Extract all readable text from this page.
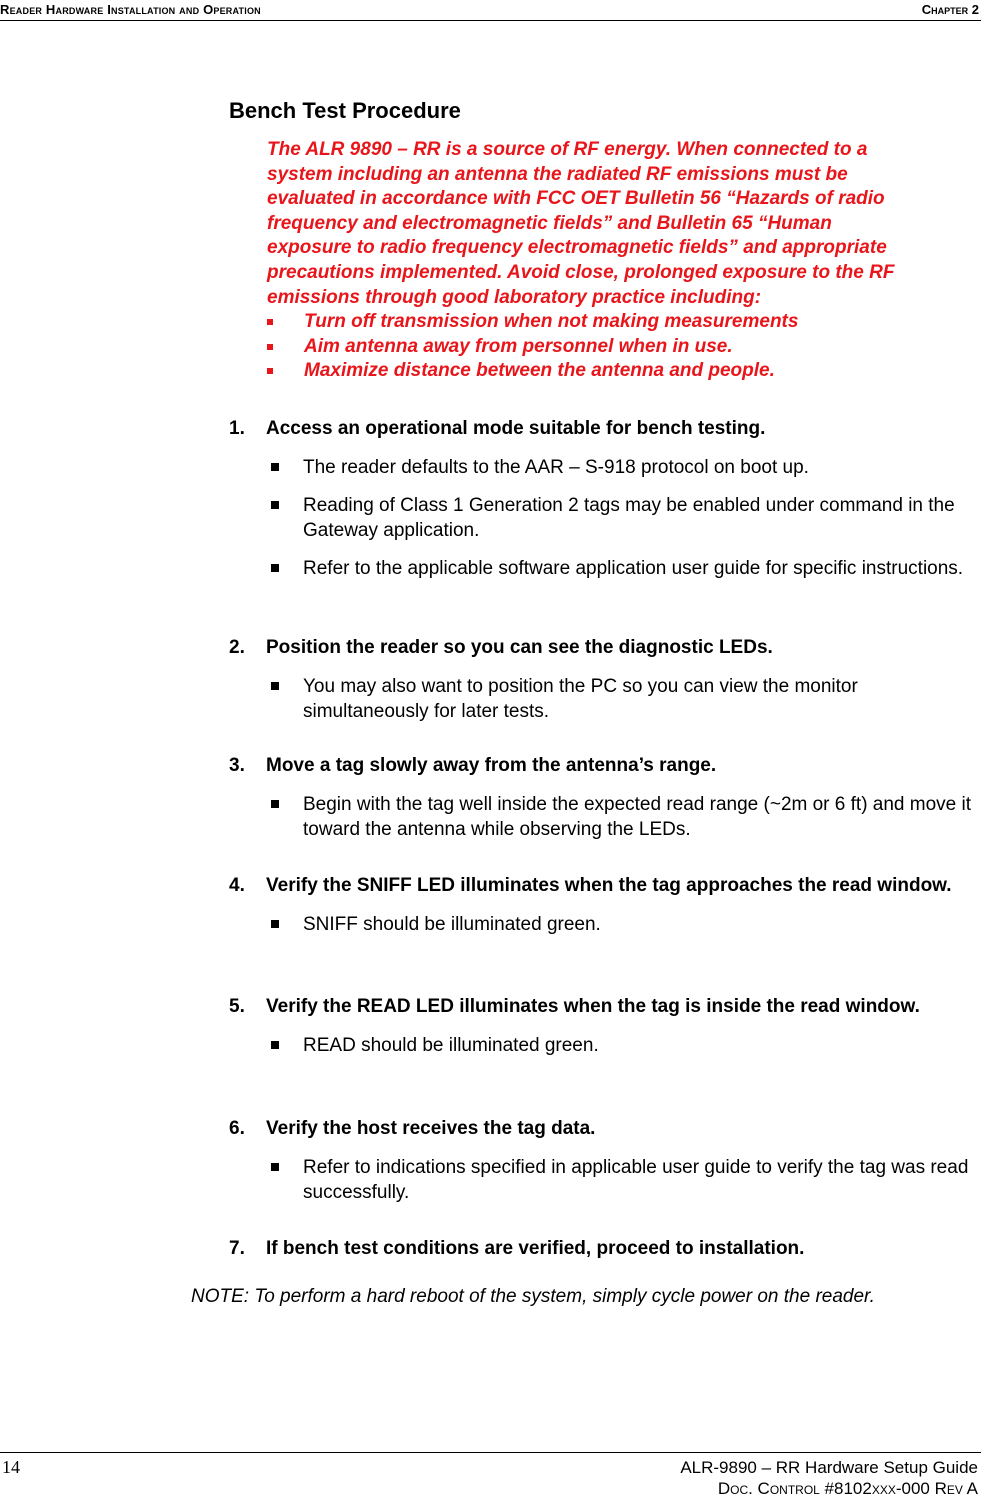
Reader Hardware Installation and Operation	Chapter 2
Bench Test Procedure

The ALR 9890 – RR is a source of RF energy. When connected to a

system including an antenna the radiated RF emissions must be

evaluated in accordance with FCC OET Bulletin 56 “Hazards of radio

frequency and electromagnetic fields” and Bulletin 65 “Human

exposure to radio frequency electromagnetic fields” and appropriate

precautions implemented. Avoid close, prolonged exposure to the RF

emissions through good laboratory practice including:

Turn off transmission when not making measurements
Aim antenna away from personnel when in use.
Maximize distance between the antenna and people.
1. Access an operational mode suitable for bench testing.
The reader defaults to the AAR – S-918 protocol on boot up.
Reading of Class 1 Generation 2 tags may be enabled under command in the Gateway application.
Refer to the applicable software application user guide for specific instructions.
2. Position the reader so you can see the diagnostic LEDs.
You may also want to position the PC so you can view the monitor simultaneously for later tests.
3. Move a tag slowly away from the antenna’s range.
Begin with the tag well inside the expected read range (~2m or 6 ft) and move it toward the antenna while observing the LEDs.
4. Verify the SNIFF LED illuminates when the tag approaches the read window.
SNIFF should be illuminated green.
5. Verify the READ LED illuminates when the tag is inside the read window.
READ should be illuminated green.
6. Verify the host receives the tag data.
Refer to indications specified in applicable user guide to verify the tag was read successfully.
7. If bench test conditions are verified, proceed to installation.
NOTE: To perform a hard reboot of the system, simply cycle power on the reader.
14	ALR-9890 – RR Hardware Setup Guide
Doc. Control #8102xxx-000 Rev A
